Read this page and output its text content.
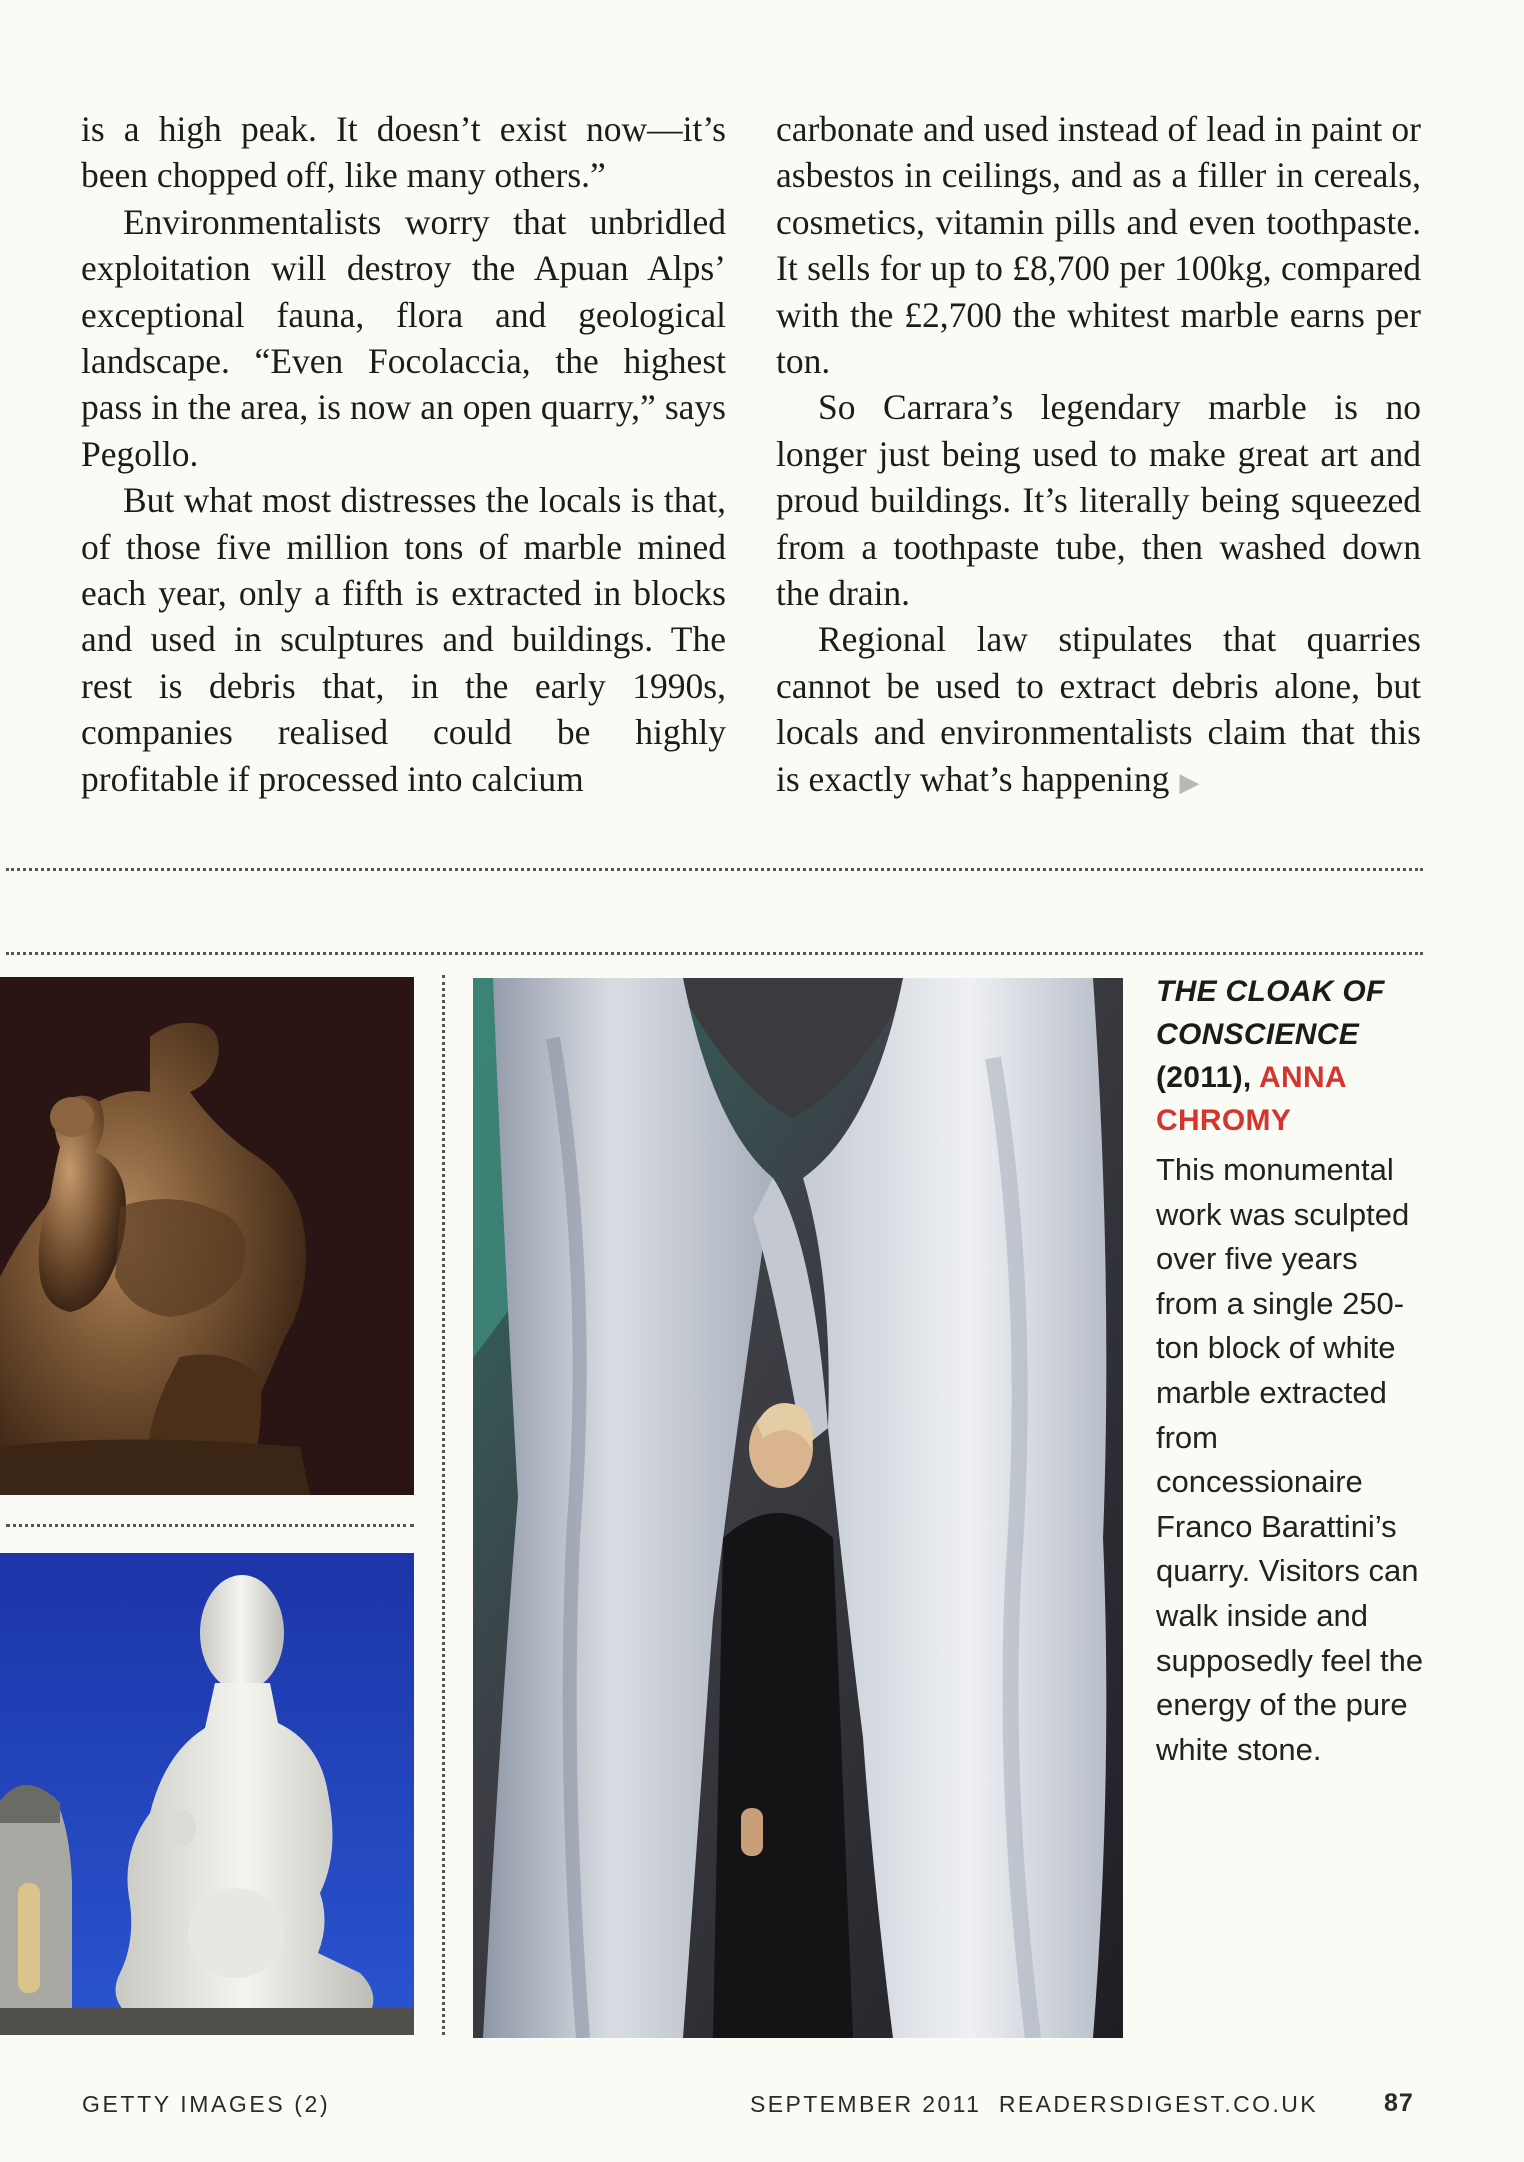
is a high peak. It doesn’t exist now—it’s been chopped off, like many others.”

Environmentalists worry that unbridled exploitation will destroy the Apuan Alps’ exceptional fauna, flora and geological landscape. “Even Focolaccia, the highest pass in the area, is now an open quarry,” says Pegollo.

But what most distresses the locals is that, of those five million tons of marble mined each year, only a fifth is extracted in blocks and used in sculptures and buildings. The rest is debris that, in the early 1990s, companies realised could be highly profitable if processed into calcium

carbonate and used instead of lead in paint or asbestos in ceilings, and as a filler in cereals, cosmetics, vitamin pills and even toothpaste. It sells for up to £8,700 per 100kg, compared with the £2,700 the whitest marble earns per ton.

So Carrara’s legendary marble is no longer just being used to make great art and proud buildings. It’s literally being squeezed from a toothpaste tube, then washed down the drain.

Regional law stipulates that quarries cannot be used to extract debris alone, but locals and environmentalists claim that this is exactly what’s happening ▶

THE CLOAK OF CONSCIENCE (2011), ANNA CHROMY

This monumental work was sculpted over five years from a single 250-ton block of white marble extracted from concessionaire Franco Barattini’s quarry. Visitors can walk inside and supposedly feel the energy of the pure white stone.

GETTY IMAGES (2)	SEPTEMBER 2011  READERSDIGEST.CO.UK	87
